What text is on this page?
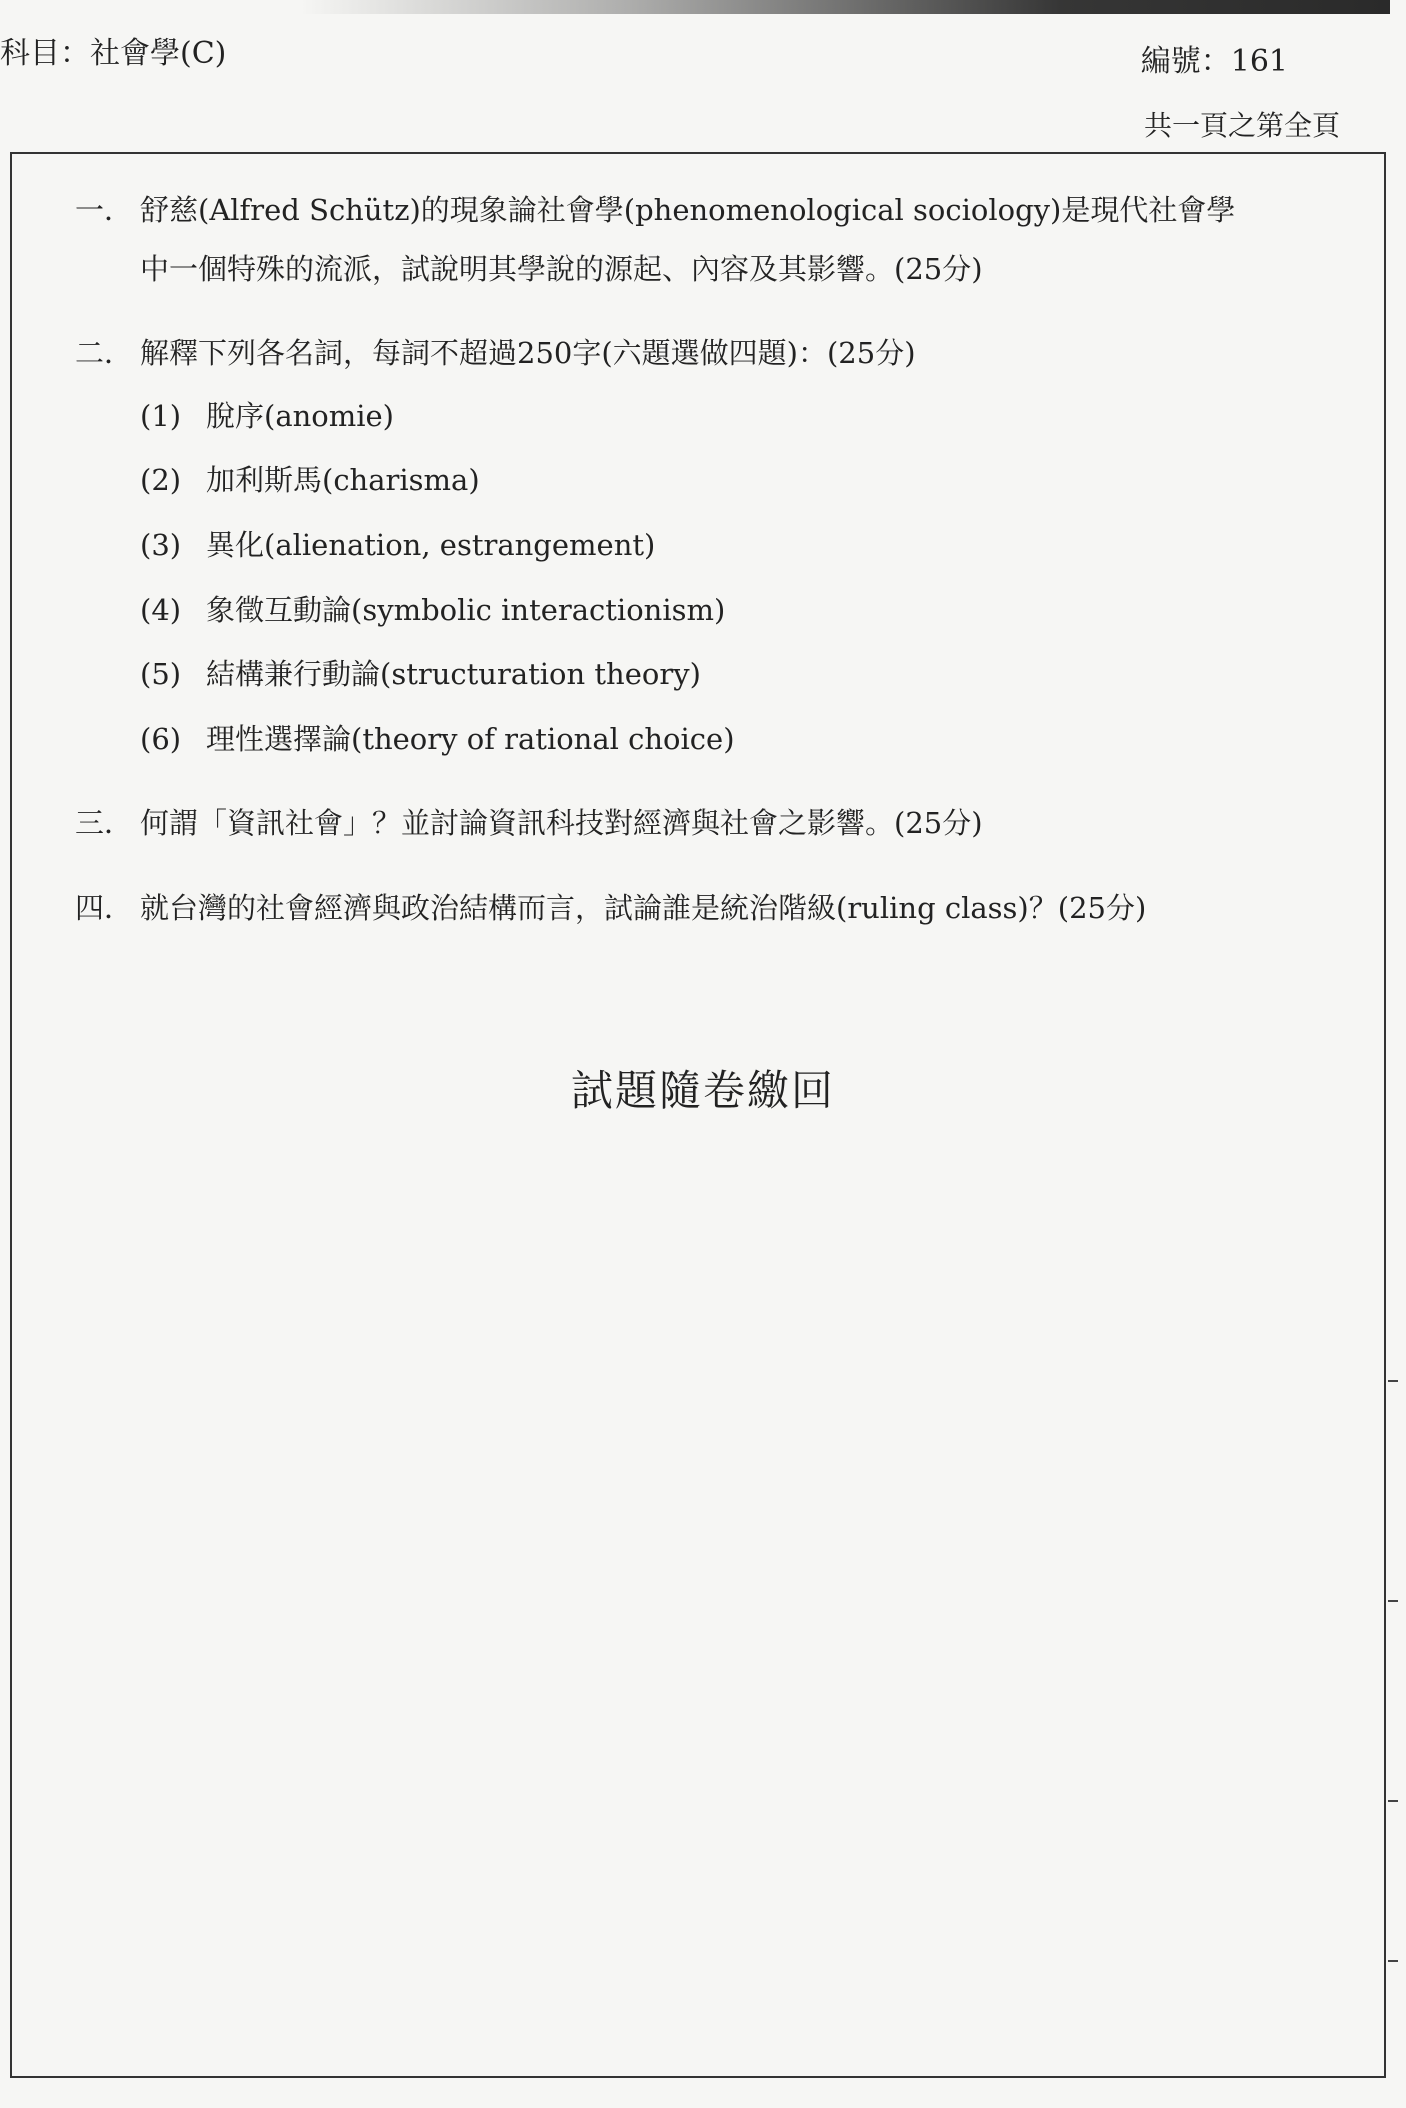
科目：社會學(C)	編號：161
共一頁之第全頁
一． 舒慈(Alfred Schütz)的現象論社會學(phenomenological sociology)是現代社會學

中一個特殊的流派，試說明其學說的源起、內容及其影響。(25分)

二． 解釋下列各名詞，每詞不超過250字(六題選做四題)：(25分)

(1) 脫序(anomie)
(2) 加利斯馬(charisma)
(3) 異化(alienation, estrangement)
(4) 象徵互動論(symbolic interactionism)
(5) 結構兼行動論(structuration theory)
(6) 理性選擇論(theory of rational choice)
三． 何謂「資訊社會」？並討論資訊科技對經濟與社會之影響。(25分)

四． 就台灣的社會經濟與政治結構而言，試論誰是統治階級(ruling class)？(25分)

試題隨卷繳回
